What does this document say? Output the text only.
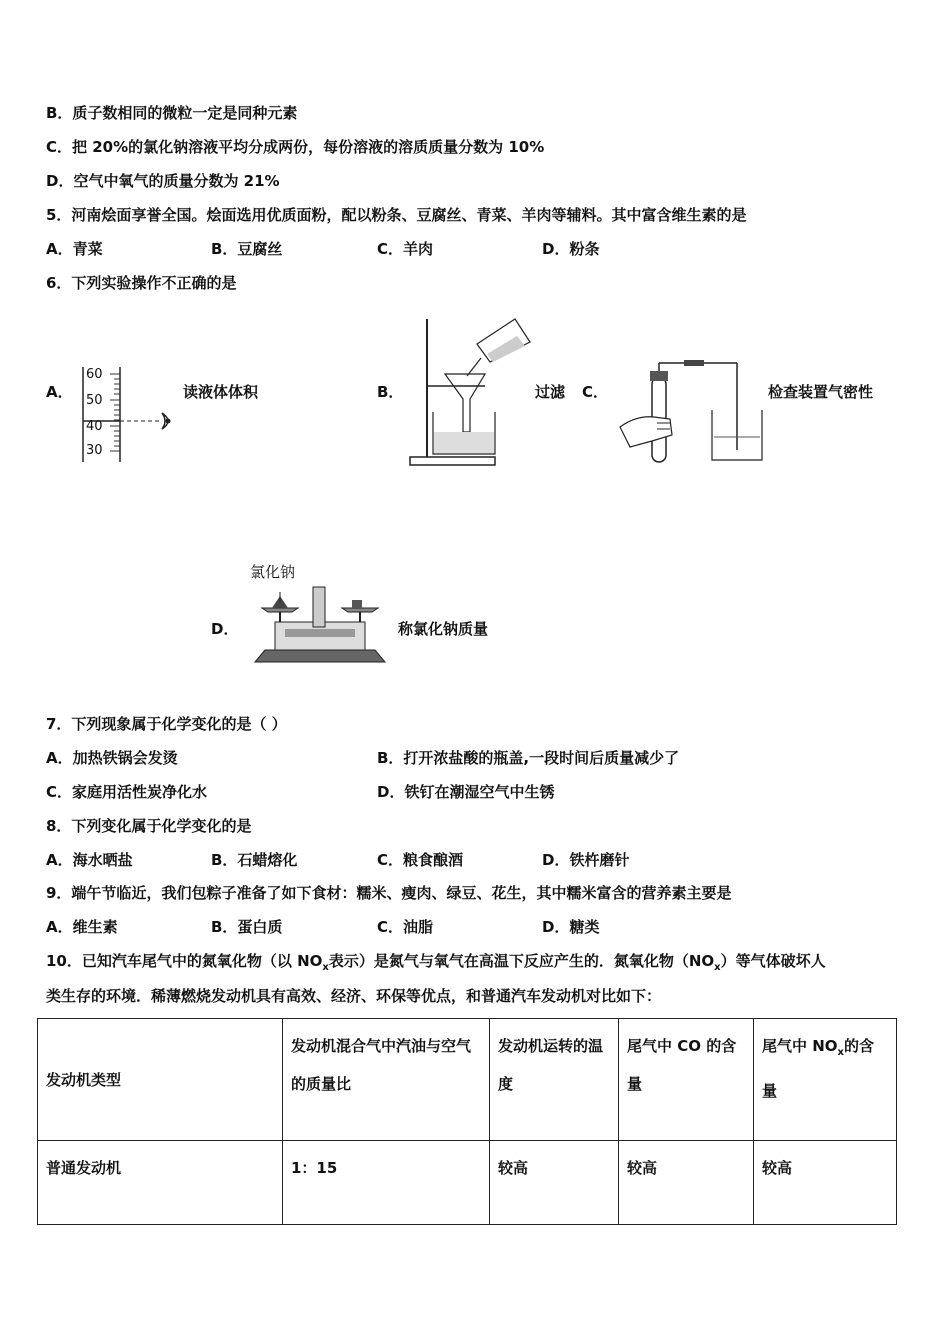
B．质子数相同的微粒一定是同种元素
C．把 20%的氯化钠溶液平均分成两份，每份溶液的溶质质量分数为 10%
D．空气中氧气的质量分数为 21%
5．河南烩面享誉全国。烩面选用优质面粉，配以粉条、豆腐丝、青菜、羊肉等辅料。其中富含维生素的是
A．青菜	B．豆腐丝	C．羊肉	D．粉条
6．下列实验操作不正确的是
A．
60
50
40
30
读液体体积	B．	过滤 C．	检查装置气密性
D．
氯化钠
称氯化钠质量
7．下列现象属于化学变化的是（ ）
A．加热铁锅会发烫	B．打开浓盐酸的瓶盖,一段时间后质量减少了
C．家庭用活性炭净化水	D．铁钉在潮湿空气中生锈
8．下列变化属于化学变化的是
A．海水晒盐	B．石蜡熔化	C．粮食酿酒	D．铁杵磨针
9．端午节临近，我们包粽子准备了如下食材：糯米、瘦肉、绿豆、花生，其中糯米富含的营养素主要是
A．维生素	B．蛋白质	C．油脂	D．糖类
10．已知汽车尾气中的氮氧化物（以 $NO_x$表示）是氮气与氧气在高温下反应产生的．氮氧化物$(NO_x)$等气体破坏人
类生存的环境．稀薄燃烧发动机具有高效、经济、环保等优点，和普通汽车发动机对比如下：
发动机类型	发动机混合气中汽油与空气的质量比	发动机运转的温度	尾气中 CO 的含量	尾气中 $NO_x$的含量
普通发动机	1：15	较高	较高	较高
